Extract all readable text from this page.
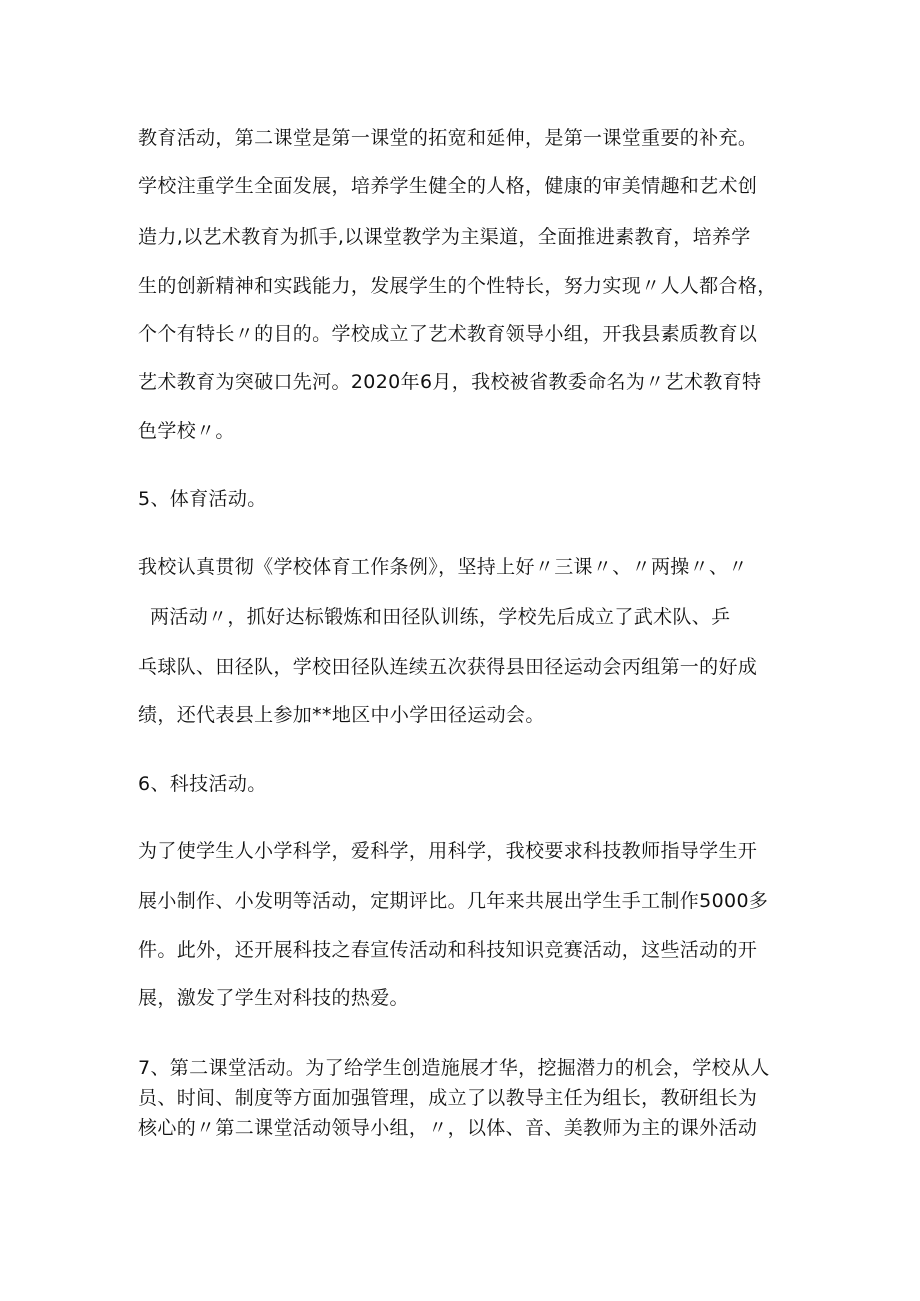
教育活动，第二课堂是第一课堂的拓宽和延伸，是第一课堂重要的补充。
学校注重学生全面发展，培养学生健全的人格，健康的审美情趣和艺术创
造力,以艺术教育为抓手,以课堂教学为主渠道，全面推进素教育，培养学
生的创新精神和实践能力，发展学生的个性特长，努力实现〃人人都合格，
个个有特长〃的目的。学校成立了艺术教育领导小组，开我县素质教育以
艺术教育为突破口先河。2020年6月，我校被省教委命名为〃艺术教育特
色学校〃。
5、体育活动。
我校认真贯彻《学校体育工作条例》，坚持上好〃三课〃、〃两操〃、〃
两活动〃，抓好达标锻炼和田径队训练，学校先后成立了武术队、乒
乓球队、田径队，学校田径队连续五次获得县田径运动会丙组第一的好成
绩，还代表县上参加**地区中小学田径运动会。
6、科技活动。
为了使学生人小学科学，爱科学，用科学，我校要求科技教师指导学生开
展小制作、小发明等活动，定期评比。几年来共展出学生手工制作5000多
件。此外，还开展科技之春宣传活动和科技知识竞赛活动，这些活动的开
展，激发了学生对科技的热爱。
7、第二课堂活动。为了给学生创造施展才华，挖掘潜力的机会，学校从人
员、时间、制度等方面加强管理，成立了以教导主任为组长，教研组长为
核心的〃第二课堂活动领导小组，〃，以体、音、美教师为主的课外活动
